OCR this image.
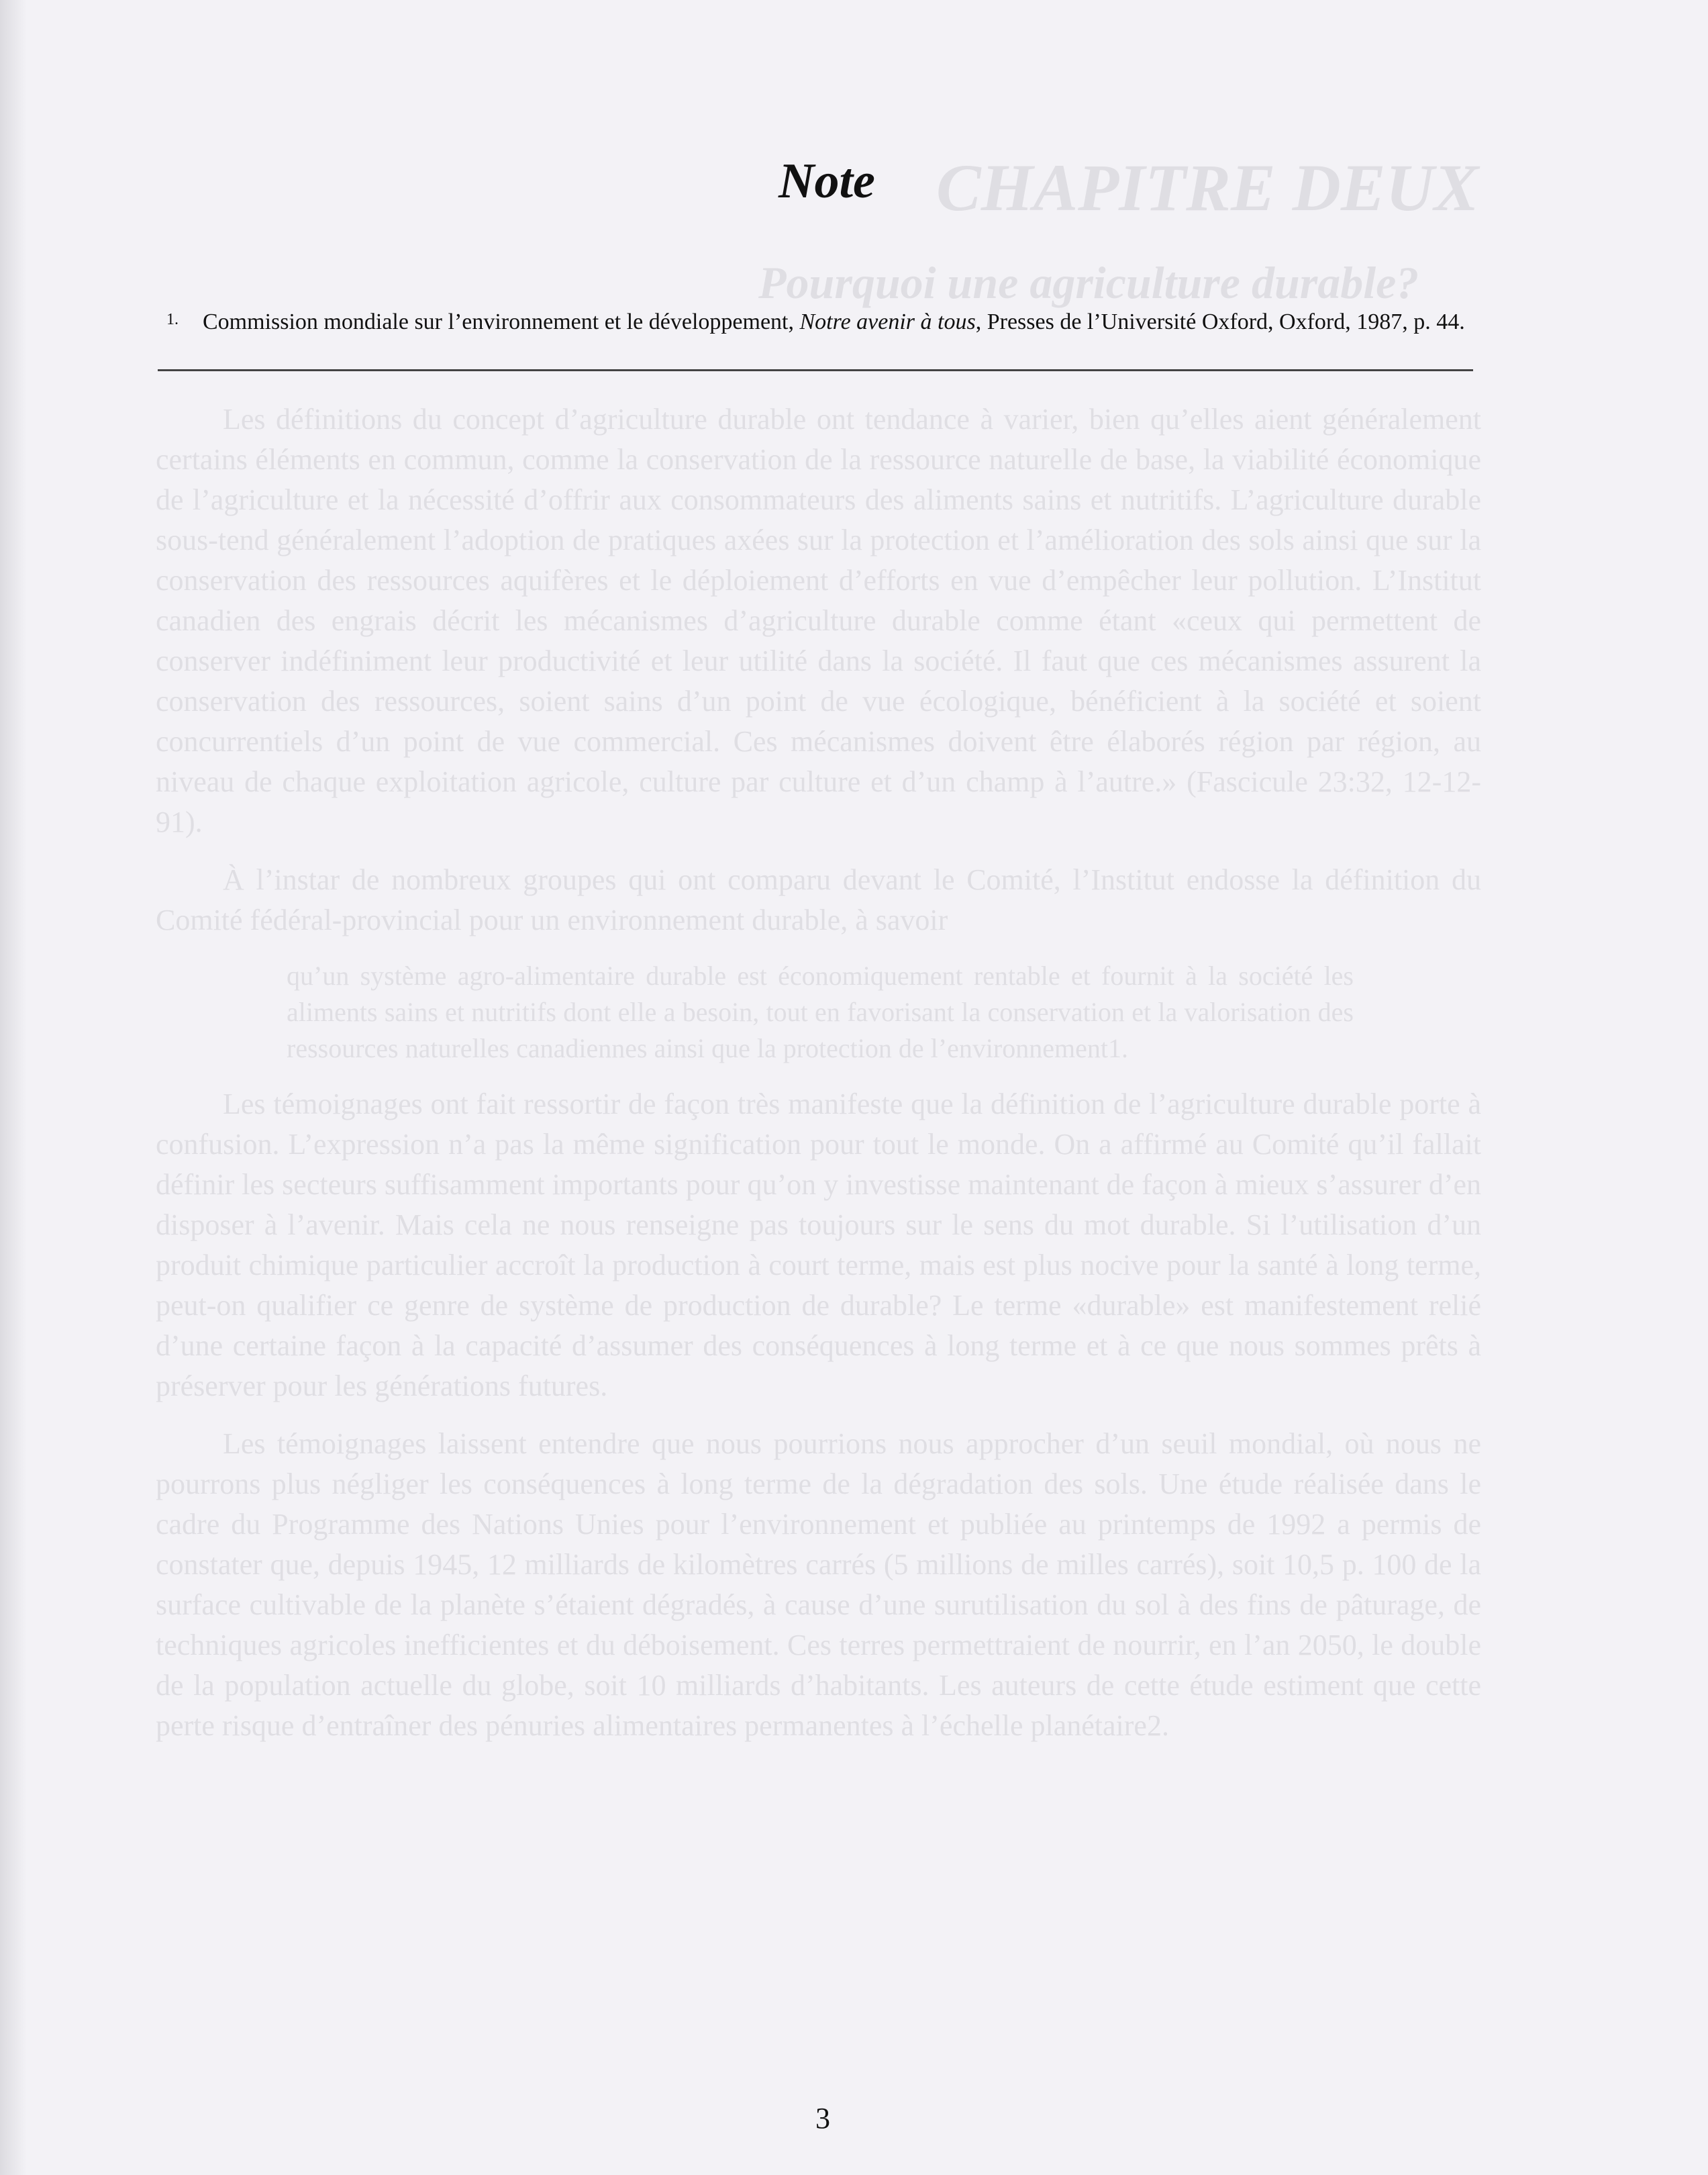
CHAPITRE DEUX
Pourquoi une agriculture durable?

Les définitions du concept d’agriculture durable ont tendance à varier, bien qu’elles aient généralement certains éléments en commun, comme la conservation de la ressource naturelle de base, la viabilité économique de l’agriculture et la nécessité d’offrir aux consommateurs des aliments sains et nutritifs. L’agriculture durable sous-tend généralement l’adoption de pratiques axées sur la protection et l’amélioration des sols ainsi que sur la conservation des ressources aquifères et le déploiement d’efforts en vue d’empêcher leur pollution. L’Institut canadien des engrais décrit les mécanismes d’agriculture durable comme étant «ceux qui permettent de conserver indéfiniment leur productivité et leur utilité dans la société. Il faut que ces mécanismes assurent la conservation des ressources, soient sains d’un point de vue écologique, bénéficient à la société et soient concurrentiels d’un point de vue commercial. Ces mécanismes doivent être élaborés région par région, au niveau de chaque exploitation agricole, culture par culture et d’un champ à l’autre.» (Fascicule 23:32, 12-12-91).

À l’instar de nombreux groupes qui ont comparu devant le Comité, l’Institut endosse la définition du Comité fédéral-provincial pour un environnement durable, à savoir

qu’un système agro-alimentaire durable est économiquement rentable et fournit à la société les aliments sains et nutritifs dont elle a besoin, tout en favorisant la conservation et la valorisation des ressources naturelles canadiennes ainsi que la protection de l’environnement1.

Les témoignages ont fait ressortir de façon très manifeste que la définition de l’agriculture durable porte à confusion. L’expression n’a pas la même signification pour tout le monde. On a affirmé au Comité qu’il fallait définir les secteurs suffisamment importants pour qu’on y investisse maintenant de façon à mieux s’assurer d’en disposer à l’avenir. Mais cela ne nous renseigne pas toujours sur le sens du mot durable. Si l’utilisation d’un produit chimique particulier accroît la production à court terme, mais est plus nocive pour la santé à long terme, peut-on qualifier ce genre de système de production de durable? Le terme «durable» est manifestement relié d’une certaine façon à la capacité d’assumer des conséquences à long terme et à ce que nous sommes prêts à préserver pour les générations futures.

Les témoignages laissent entendre que nous pourrions nous approcher d’un seuil mondial, où nous ne pourrons plus négliger les conséquences à long terme de la dégradation des sols. Une étude réalisée dans le cadre du Programme des Nations Unies pour l’environnement et publiée au printemps de 1992 a permis de constater que, depuis 1945, 12 milliards de kilomètres carrés (5 millions de milles carrés), soit 10,5 p. 100 de la surface cultivable de la planète s’étaient dégradés, à cause d’une surutilisation du sol à des fins de pâturage, de techniques agricoles inefficientes et du déboisement. Ces terres permettraient de nourrir, en l’an 2050, le double de la population actuelle du globe, soit 10 milliards d’habitants. Les auteurs de cette étude estiment que cette perte risque d’entraîner des pénuries alimentaires permanentes à l’échelle planétaire2.

Note
1.	Commission mondiale sur l’environnement et le développement, Notre avenir à tous, Presses de l’Université Oxford, Oxford, 1987, p. 44.
3
